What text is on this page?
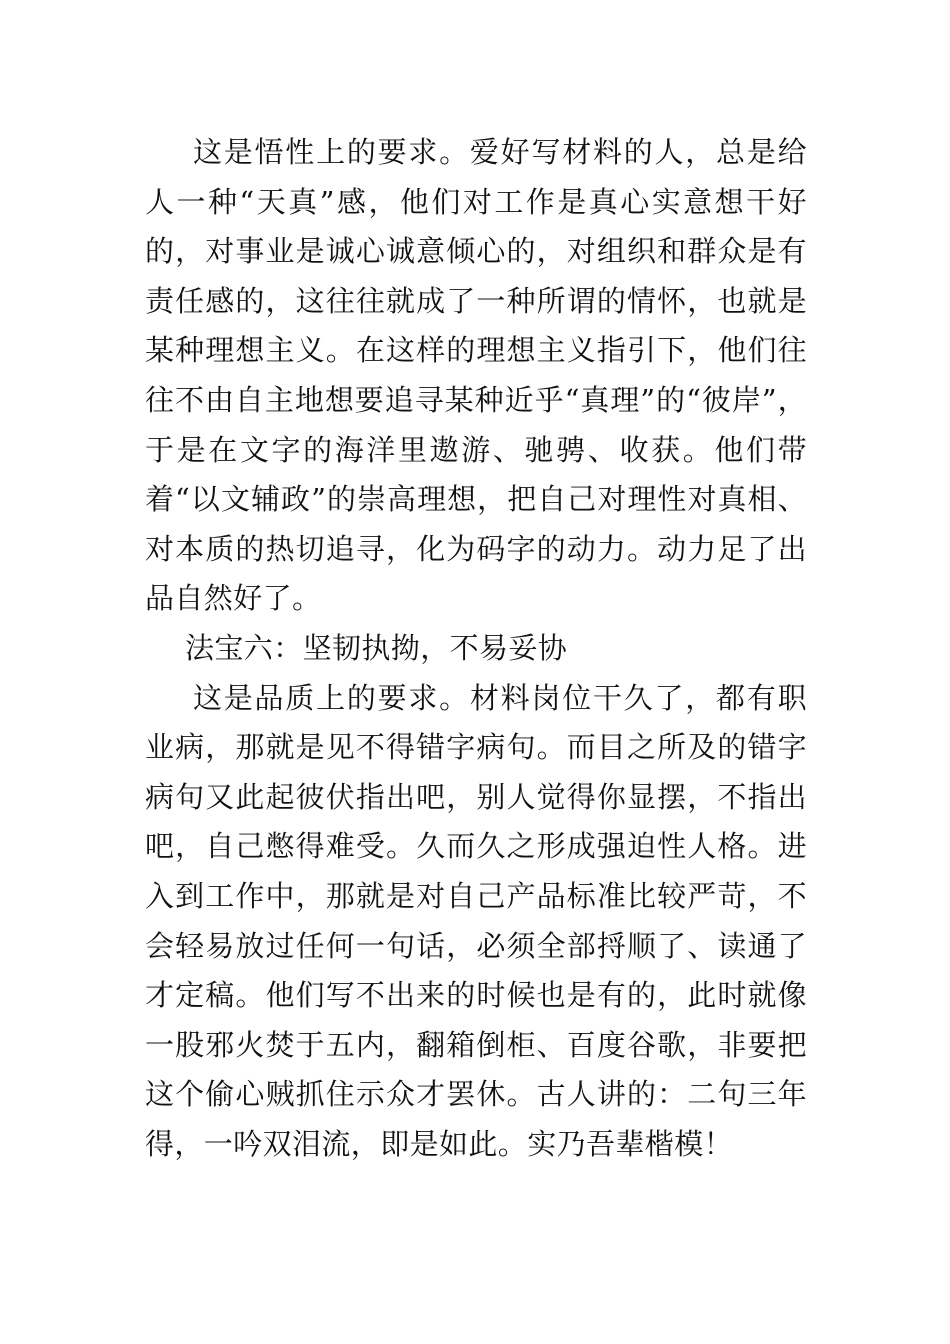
这是悟性上的要求。爱好写材料的人，总是给人一种“天真”感，他们对工作是真心实意想干好的，对事业是诚心诚意倾心的，对组织和群众是有责任感的，这往往就成了一种所谓的情怀，也就是某种理想主义。在这样的理想主义指引下，他们往往不由自主地想要追寻某种近乎“真理”的“彼岸”，于是在文字的海洋里遨游、驰骋、收获。他们带着“以文辅政”的崇高理想，把自己对理性对真相、对本质的热切追寻，化为码字的动力。动力足了出品自然好了。

法宝六：坚韧执拗，不易妥协

这是品质上的要求。材料岗位干久了，都有职业病，那就是见不得错字病句。而目之所及的错字病句又此起彼伏指出吧，别人觉得你显摆，不指出吧，自己憋得难受。久而久之形成强迫性人格。进入到工作中，那就是对自己产品标准比较严苛，不会轻易放过任何一句话，必须全部捋顺了、读通了才定稿。他们写不出来的时候也是有的，此时就像一股邪火焚于五内，翻箱倒柜、百度谷歌，非要把这个偷心贼抓住示众才罢休。古人讲的：二句三年得，一吟双泪流，即是如此。实乃吾辈楷模！
